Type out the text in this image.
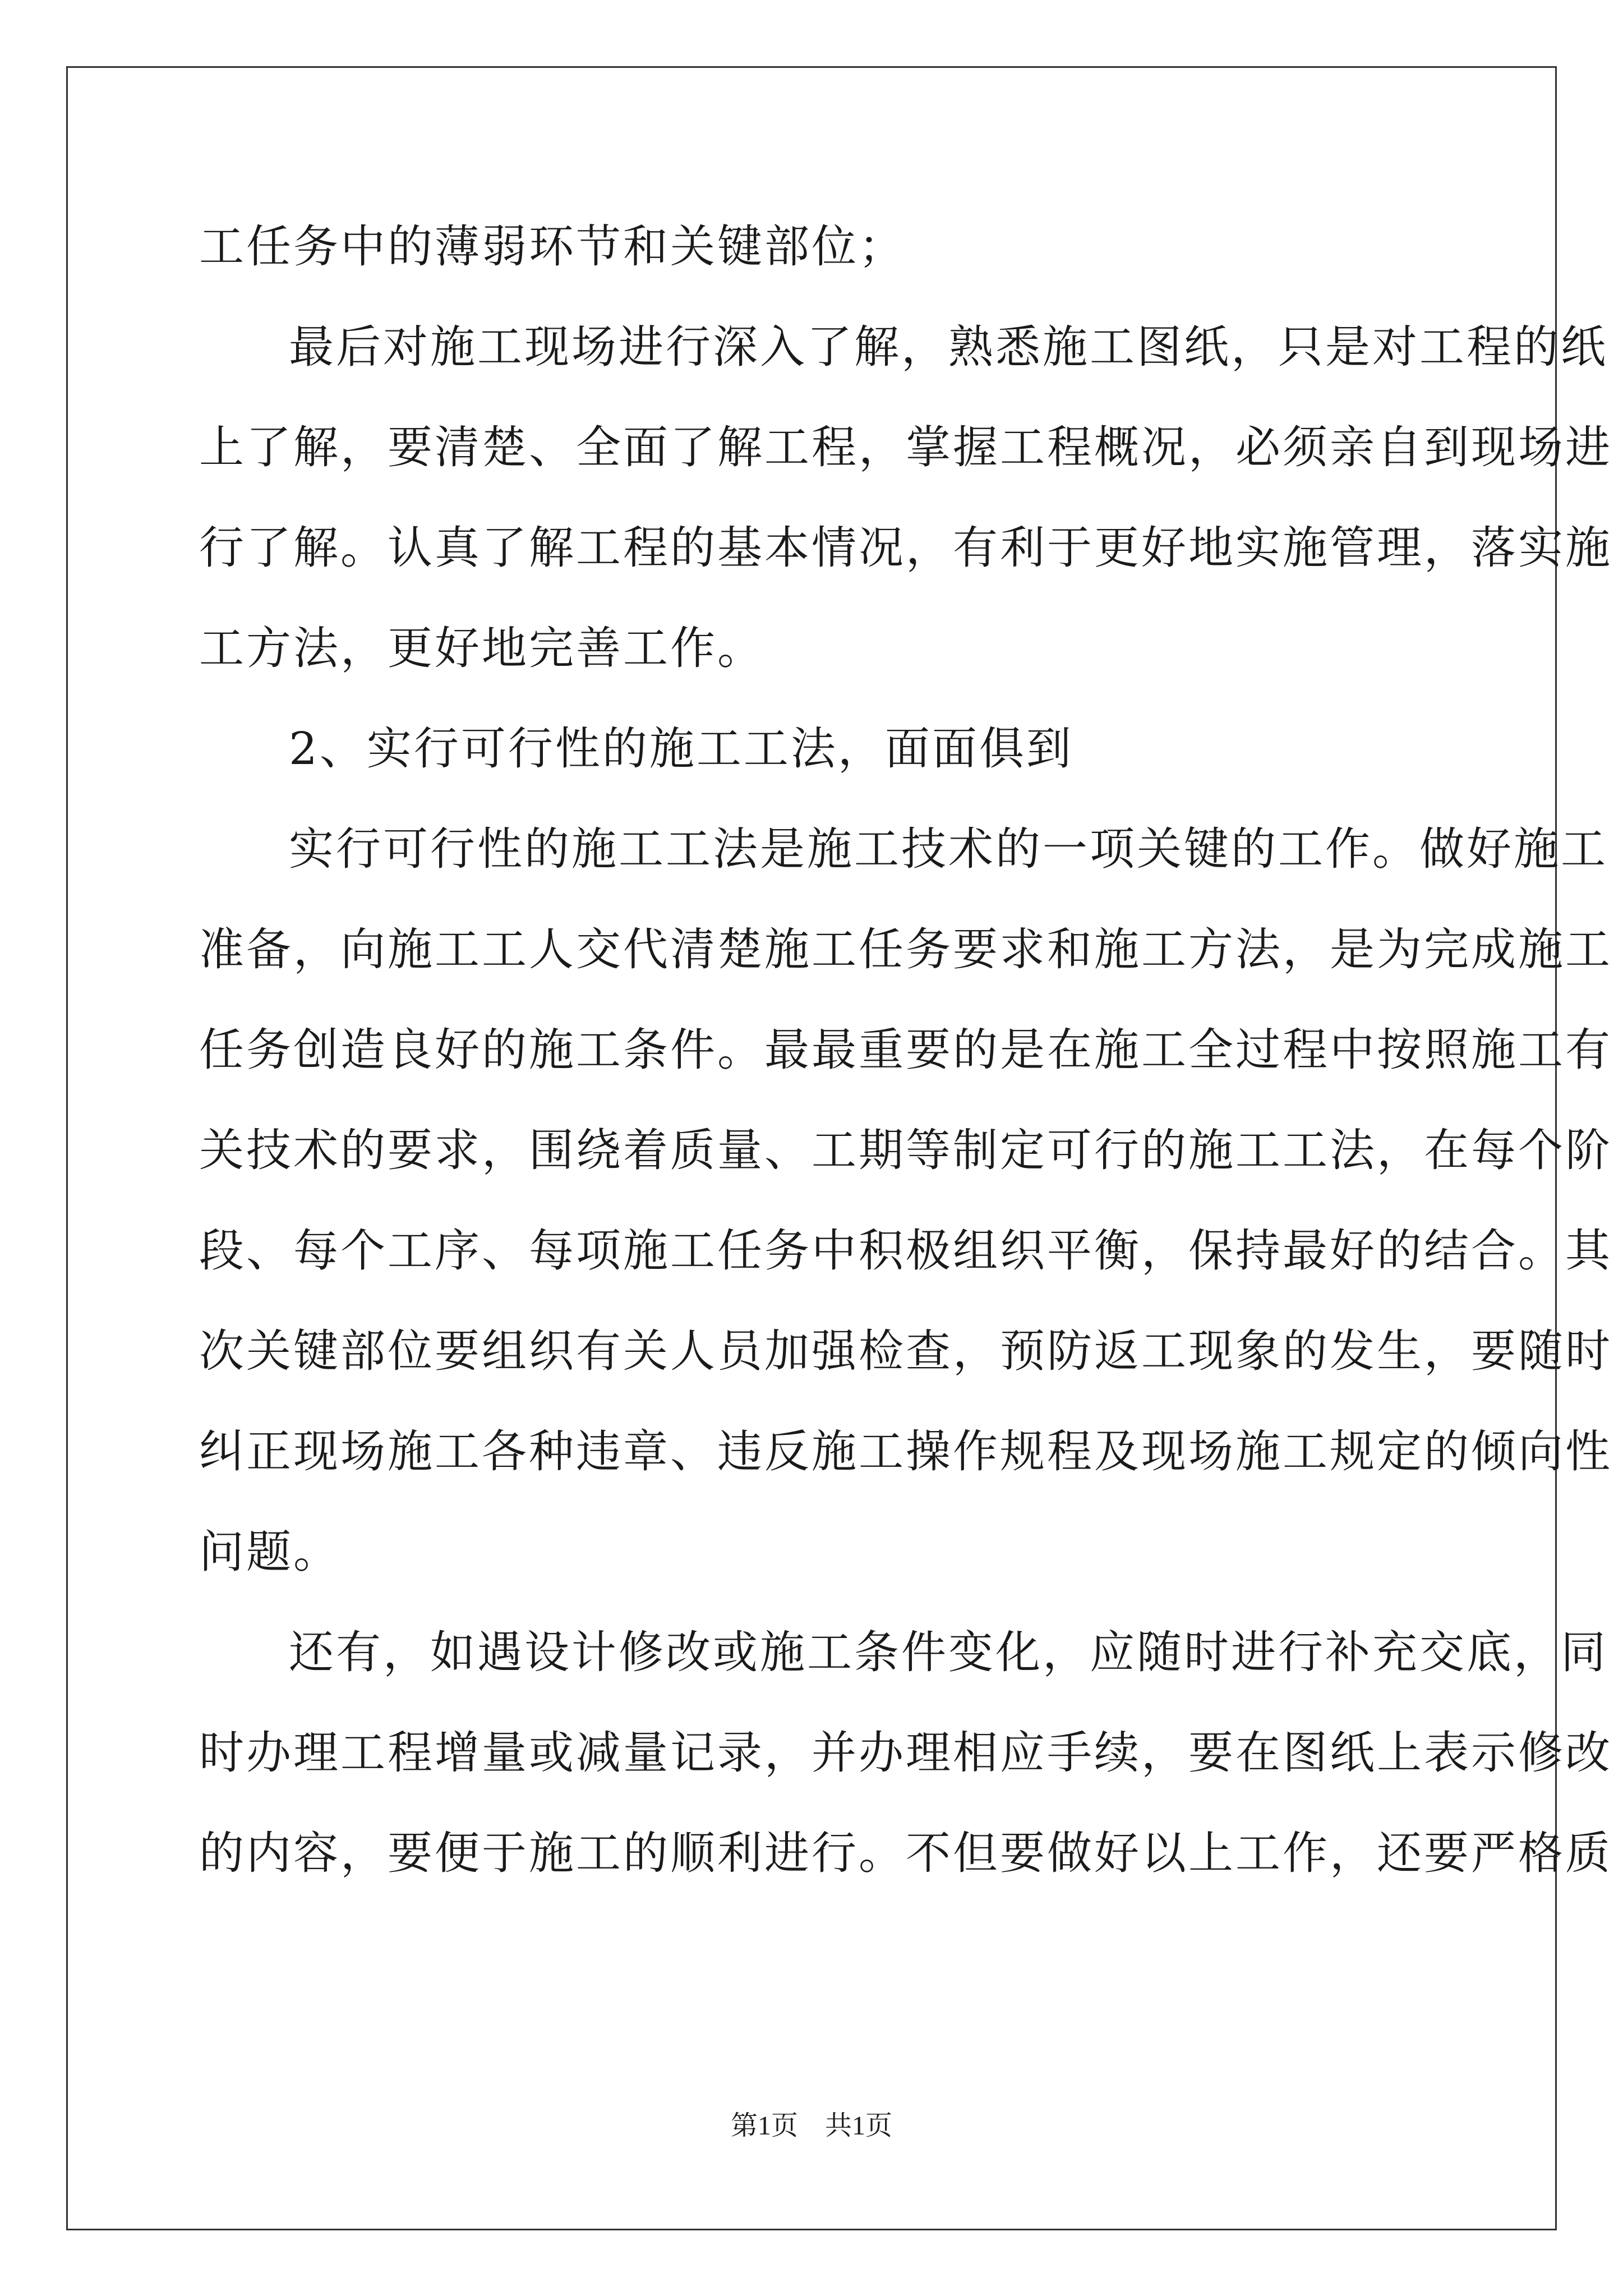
工任务中的薄弱环节和关键部位；
最后对施工现场进行深入了解，熟悉施工图纸，只是对工程的纸
上了解，要清楚、全面了解工程，掌握工程概况，必须亲自到现场进
行了解。认真了解工程的基本情况，有利于更好地实施管理，落实施
工方法，更好地完善工作。
2、实行可行性的施工工法，面面俱到
实行可行性的施工工法是施工技术的一项关键的工作。做好施工
准备，向施工工人交代清楚施工任务要求和施工方法，是为完成施工
任务创造良好的施工条件。最最重要的是在施工全过程中按照施工有
关技术的要求，围绕着质量、工期等制定可行的施工工法，在每个阶
段、每个工序、每项施工任务中积极组织平衡，保持最好的结合。其
次关键部位要组织有关人员加强检查，预防返工现象的发生，要随时
纠正现场施工各种违章、违反施工操作规程及现场施工规定的倾向性
问题。
还有，如遇设计修改或施工条件变化，应随时进行补充交底，同
时办理工程增量或减量记录，并办理相应手续，要在图纸上表示修改
的内容，要便于施工的顺利进行。不但要做好以上工作，还要严格质
第1页　共1页
